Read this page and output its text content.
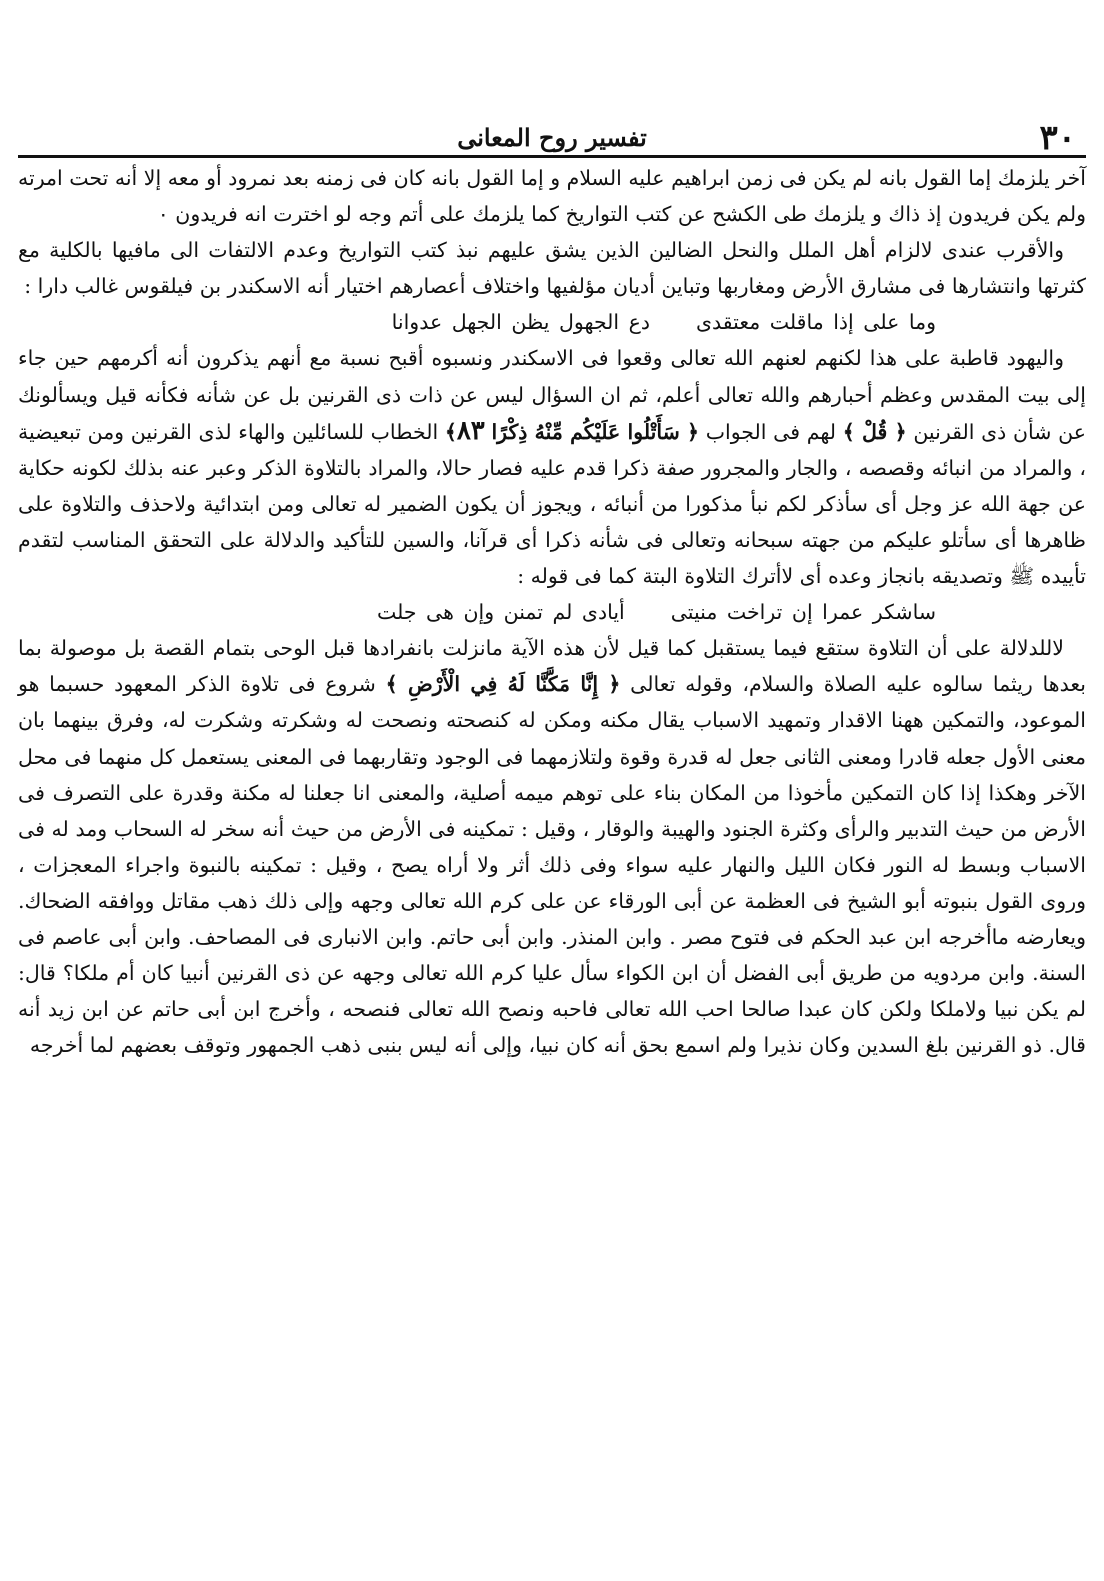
٣٠
تفسير روح المعانى

آخر يلزمك إما القول بانه لم يكن فى زمن ابراهيم عليه السلام و إما القول بانه كان فى زمنه بعد نمرود أو معه إلا أنه تحت امرته ولم يكن فريدون إذ ذاك و يلزمك طى الكشح عن كتب التواريخ كما يلزمك على أتم وجه لو اخترت انه فريدون ٠

والأقرب عندى لالزام أهل الملل والنحل الضالين الذين يشق عليهم نبذ كتب التواريخ وعدم الالتفات الى مافيها بالكلية مع كثرتها وانتشارها فى مشارق الأرض ومغاربها وتباين أديان مؤلفيها واختلاف أعصارهم اختيار أنه الاسكندر بن فيلقوس غالب دارا :

وما على إذا ماقلت معتقدىدع الجهول يظن الجهل عدوانا

واليهود قاطبة على هذا لكنهم لعنهم الله تعالى وقعوا فى الاسكندر ونسبوه أقبح نسبة مع أنهم يذكرون أنه أكرمهم حين جاء إلى بيت المقدس وعظم أحبارهم والله تعالى أعلم، ثم ان السؤال ليس عن ذات ذى القرنين بل عن شأنه فكأنه قيل ويسألونك عن شأن ذى القرنين ﴿ قُلْ ﴾ لهم فى الجواب ﴿ سَأَتْلُوا عَلَيْكُم مِّنْهُ ذِكْرًا ٨٣﴾ الخطاب للسائلين والهاء لذى القرنين ومن تبعيضية ، والمراد من انبائه وقصصه ، والجار والمجرور صفة ذكرا قدم عليه فصار حالا، والمراد بالتلاوة الذكر وعبر عنه بذلك لكونه حكاية عن جهة الله عز وجل أى سأذكر لكم نبأ مذكورا من أنبائه ، ويجوز أن يكون الضمير له تعالى ومن ابتدائية ولاحذف والتلاوة على ظاهرها أى سأتلو عليكم من جهته سبحانه وتعالى فى شأنه ذكرا أى قرآنا، والسين للتأكيد والدلالة على التحقق المناسب لتقدم تأييده ﷺ وتصديقه بانجاز وعده أى لاأترك التلاوة البتة كما فى قوله :

ساشكر عمرا إن تراخت منيتىأيادى لم تمنن وإن هى جلت

لاللدلالة على أن التلاوة ستقع فيما يستقبل كما قيل لأن هذه الآية مانزلت بانفرادها قبل الوحى بتمام القصة بل موصولة بما بعدها ريثما سالوه عليه الصلاة والسلام، وقوله تعالى ﴿ إِنَّا مَكَّنَّا لَهُ فِي الْأَرْضِ ﴾ شروع فى تلاوة الذكر المعهود حسبما هو الموعود، والتمكين ههنا الاقدار وتمهيد الاسباب يقال مكنه ومكن له كنصحته ونصحت له وشكرته وشكرت له، وفرق بينهما بان معنى الأول جعله قادرا ومعنى الثانى جعل له قدرة وقوة ولتلازمهما فى الوجود وتقاربهما فى المعنى يستعمل كل منهما فى محل الآخر وهكذا إذا كان التمكين مأخوذا من المكان بناء على توهم ميمه أصلية، والمعنى انا جعلنا له مكنة وقدرة على التصرف فى الأرض من حيث التدبير والرأى وكثرة الجنود والهيبة والوقار ، وقيل : تمكينه فى الأرض من حيث أنه سخر له السحاب ومد له فى الاسباب وبسط له النور فكان الليل والنهار عليه سواء وفى ذلك أثر ولا أراه يصح ، وقيل : تمكينه بالنبوة واجراء المعجزات ، وروى القول بنبوته أبو الشيخ فى العظمة عن أبى الورقاء عن على كرم الله تعالى وجهه وإلى ذلك ذهب مقاتل ووافقه الضحاك. ويعارضه ماأخرجه ابن عبد الحكم فى فتوح مصر . وابن المنذر. وابن أبى حاتم. وابن الانبارى فى المصاحف. وابن أبى عاصم فى السنة. وابن مردويه من طريق أبى الفضل أن ابن الكواء سأل عليا كرم الله تعالى وجهه عن ذى القرنين أنبيا كان أم ملكا؟ قال: لم يكن نبيا ولاملكا ولكن كان عبدا صالحا احب الله تعالى فاحبه ونصح الله تعالى فنصحه ، وأخرج ابن أبى حاتم عن ابن زيد أنه قال. ذو القرنين بلغ السدين وكان نذيرا ولم اسمع بحق أنه كان نبيا، وإلى أنه ليس بنبى ذهب الجمهور وتوقف بعضهم لما أخرجه
